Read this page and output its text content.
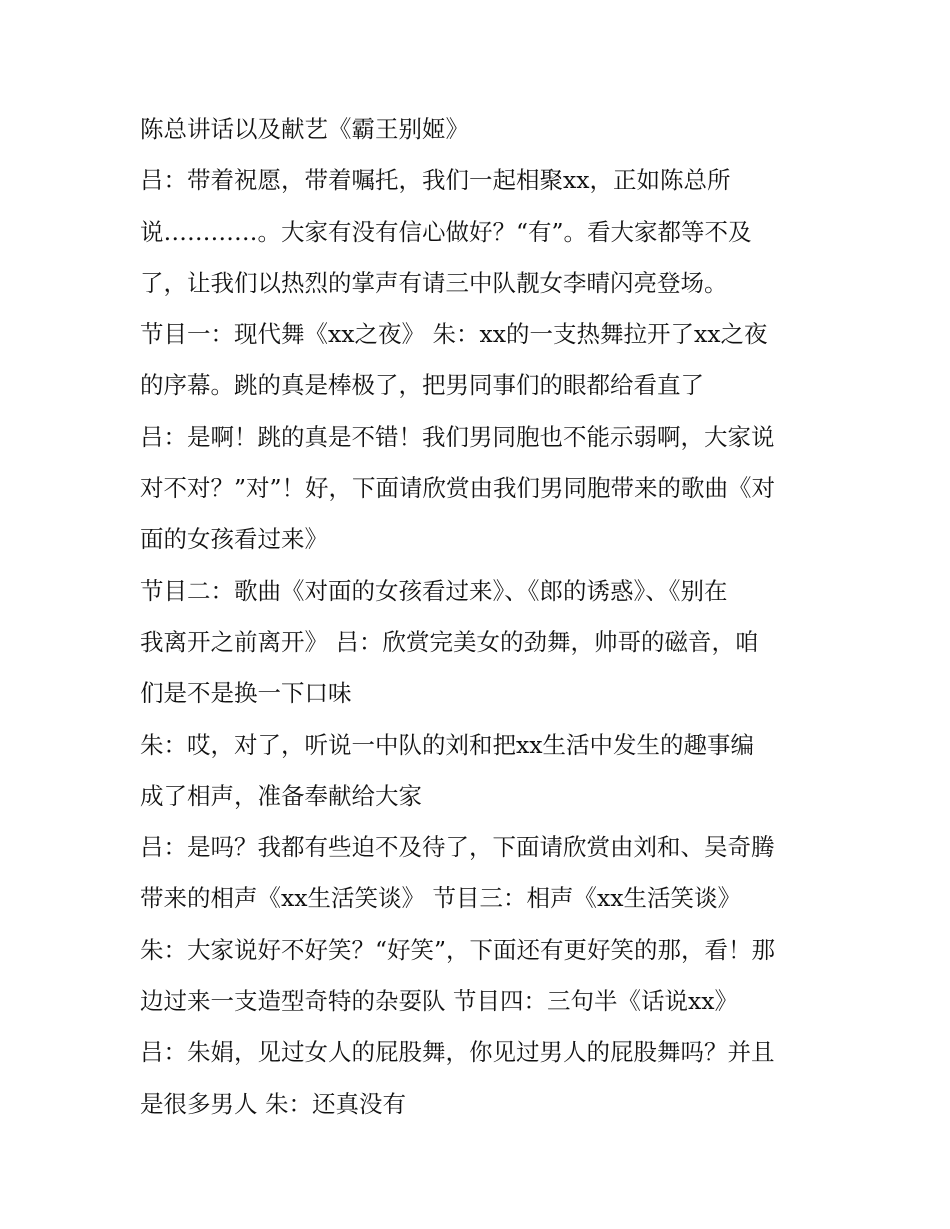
陈总讲话以及献艺《霸王别姬》
吕：带着祝愿，带着嘱托，我们一起相聚xx，正如陈总所
说…………。大家有没有信心做好？“有”。看大家都等不及
了，让我们以热烈的掌声有请三中队靓女李晴闪亮登场。
节目一：现代舞《xx之夜》 朱：xx的一支热舞拉开了xx之夜
的序幕。跳的真是棒极了，把男同事们的眼都给看直了
吕：是啊！跳的真是不错！我们男同胞也不能示弱啊，大家说
对不对？”对”！好，下面请欣赏由我们男同胞带来的歌曲《对
面的女孩看过来》
节目二：歌曲《对面的女孩看过来》、《郎的诱惑》、《别在
我离开之前离开》 吕：欣赏完美女的劲舞，帅哥的磁音，咱
们是不是换一下口味
朱：哎，对了，听说一中队的刘和把xx生活中发生的趣事编
成了相声，准备奉献给大家
吕：是吗？我都有些迫不及待了，下面请欣赏由刘和、吴奇腾
带来的相声《xx生活笑谈》 节目三：相声《xx生活笑谈》
朱：大家说好不好笑？“好笑”，下面还有更好笑的那，看！那
边过来一支造型奇特的杂耍队 节目四：三句半《话说xx》
吕：朱娟，见过女人的屁股舞，你见过男人的屁股舞吗？并且
是很多男人 朱：还真没有
